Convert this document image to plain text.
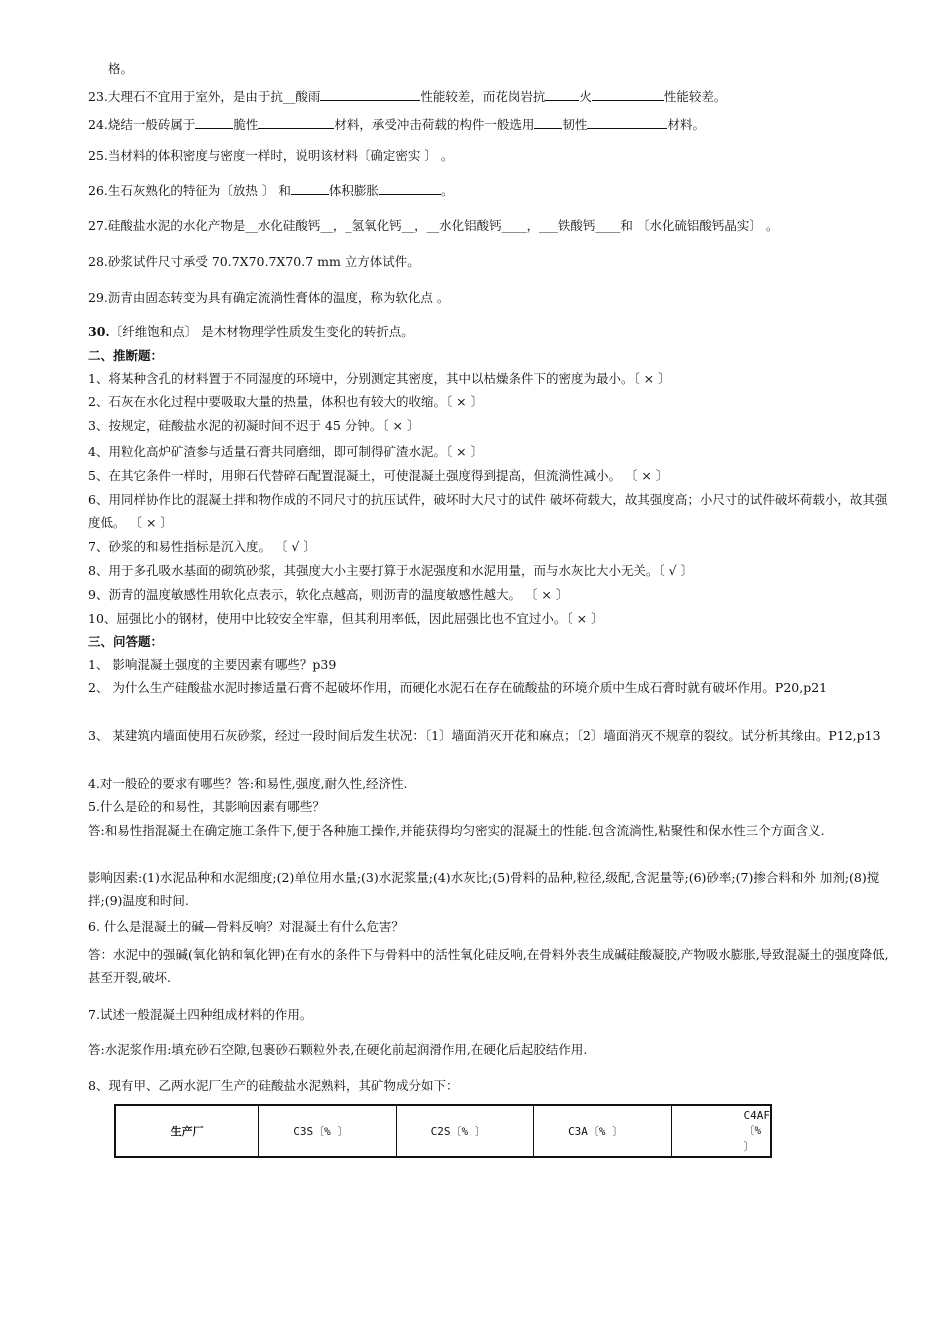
格。
23.大理石不宜用于室外，是由于抗__酸雨	性能较差，而花岗岩抗	火	性能较差。
24.烧结一般砖属于	脆性	材料，承受冲击荷载的构件一般选用 韧性	材料。
25.当材料的体积密度与密度一样时，说明该材料〔确定密实 〕 。
26.生石灰熟化的特征为〔放热 〕 和	体积膨胀	。
27.硅酸盐水泥的水化产物是__水化硅酸钙__，_氢氧化钙__，__水化铝酸钙____，___铁酸钙____和 〔水化硫铝酸钙晶实〕 。
28.砂浆试件尺寸承受 70.7X70.7X70.7 mm 立方体试件。
29.沥青由固态转变为具有确定流淌性膏体的温度，称为软化点 。
30.〔纤维饱和点〕 是木材物理学性质发生变化的转折点。
二、推断题：
1、将某种含孔的材料置于不同湿度的环境中，分别测定其密度，其中以枯燥条件下的密度为最小。〔 × 〕
2、石灰在水化过程中要吸取大量的热量，体积也有较大的收缩。〔 × 〕
3、按规定，硅酸盐水泥的初凝时间不迟于 45 分钟。〔 × 〕
4、用粒化高炉矿渣参与适量石膏共同磨细，即可制得矿渣水泥。〔 × 〕
5、在其它条件一样时，用卵石代替碎石配置混凝土，可使混凝土强度得到提高，但流淌性减小。 〔 × 〕
6、用同样协作比的混凝土拌和物作成的不同尺寸的抗压试件，破坏时大尺寸的试件 破坏荷载大，故其强度高；小尺寸的试件破坏荷载小，故其强度低。 〔 × 〕
7、砂浆的和易性指标是沉入度。 〔 √ 〕
8、用于多孔吸水基面的砌筑砂浆，其强度大小主要打算于水泥强度和水泥用量，而与水灰比大小无关。〔 √ 〕
9、沥青的温度敏感性用软化点表示，软化点越高，则沥青的温度敏感性越大。 〔 × 〕
10、屈强比小的钢材，使用中比较安全牢靠，但其利用率低，因此屈强比也不宜过小。〔 × 〕
三、问答题：
1、 影响混凝土强度的主要因素有哪些？p39
2、 为什么生产硅酸盐水泥时掺适量石膏不起破坏作用，而硬化水泥石在存在硫酸盐的环境介质中生成石膏时就有破坏作用。P20,p21
3、 某建筑内墙面使用石灰砂浆，经过一段时间后发生状况：〔1〕墙面消灭开花和麻点；〔2〕墙面消灭不规章的裂纹。试分析其缘由。P12,p13
4.对一般砼的要求有哪些？答:和易性,强度,耐久性,经济性.
5.什么是砼的和易性，其影响因素有哪些？
答:和易性指混凝土在确定施工条件下,便于各种施工操作,并能获得均匀密实的混凝土的性能.包含流淌性,粘聚性和保水性三个方面含义.
影响因素:(1)水泥品种和水泥细度;(2)单位用水量;(3)水泥浆量;(4)水灰比;(5)骨料的品种,粒径,级配,含泥量等;(6)砂率;(7)掺合料和外 加剂;(8)搅拌;(9)温度和时间.
6. 什么是混凝土的碱—骨料反响？对混凝土有什么危害？
答：水泥中的强碱(氧化钠和氧化钾)在有水的条件下与骨料中的活性氧化硅反响,在骨料外表生成碱硅酸凝胶,产物吸水膨胀,导致混凝土的强度降低,甚至开裂,破坏.
7.试述一般混凝土四种组成材料的作用。
答:水泥浆作用:填充砂石空隙,包裹砂石颗粒外表,在硬化前起润滑作用,在硬化后起胶结作用.
8、现有甲、乙两水泥厂生产的硅酸盐水泥熟料，其矿物成分如下：
生产厂	C3S〔% 〕	C2S〔% 〕	C3A〔% 〕	C4AF〔% 〕
